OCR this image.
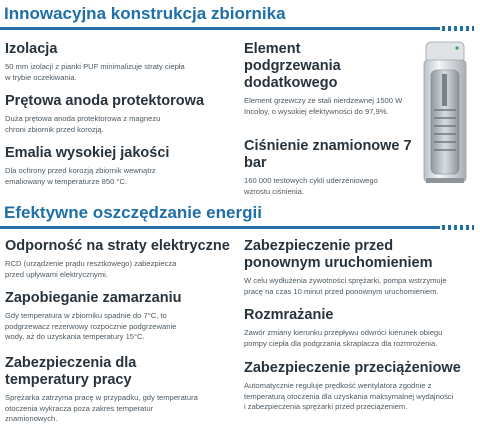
Innowacyjna konstrukcja zbiornika
Izolacja

50 mm izolacji z pianki PUF minimalizuje straty ciepła w trybie oczekiwania.

Prętowa anoda protektorowa

Duża prętowa anoda protektorowa z magnezu chroni zbiornik przed korozją.

Emalia wysokiej jakości

Dla ochrony przed korozją zbiornik wewnątrz emaliowany w temperaturze 850 °C.

Element podgrzewania dodatkowego

Element grzewczy ze stali nierdzewnej 1500 W Incoloy, o wysokiej efektywności do 97,9%.

Ciśnienie znamionowe 7 bar

160 000 testowych cykli uderzeniowego wzrostu ciśnienia.

Efektywne oszczędzanie energii
Odporność na straty elektryczne

RCD (urządzenie prądu resztkowego) zabezpiecza przed upływami elektrycznymi.

Zapobieganie zamarzaniu

Gdy temperatura w zbiorniku spadnie do 7°C, to podgrzewacz rezerwowy rozpocznie podgrzewanie wody, aż do uzyskania temperatury 15°C.

Zabezpieczenia dla temperatury pracy

Sprężarka zatrzyma pracę w przypadku, gdy temperatura otoczenia wykracza poza zakres temperatur znamionowych.

Zabezpieczenie przed ponownym uruchomieniem

W celu wydłużenia żywotności sprężarki, pompa wstrzymuje pracę na czas 10 minut przed ponownym uruchomieniem.

Rozmrażanie

Zawór zmiany kierunku przepływu odwróci kierunek obiegu pompy ciepła dla podgrzania skraplacza dla rozmrożenia.

Zabezpieczenie przeciążeniowe

Automatycznie reguluje prędkość wentylatora zgodnie z temperaturą otoczenia dla uzyskania maksymalnej wydajności i zabezpieczenia sprężarki przed przeciążeniem.
